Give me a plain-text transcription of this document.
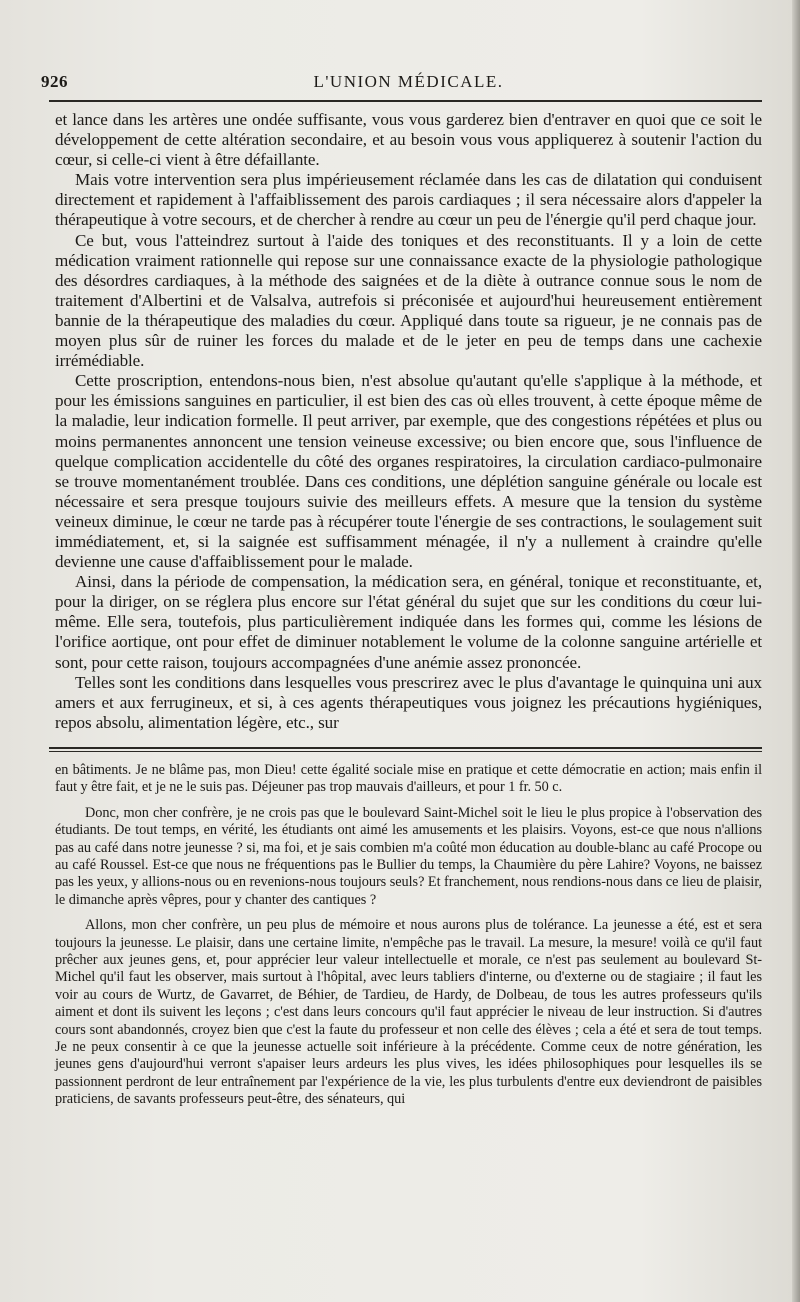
926	L'UNION MÉDICALE.

et lance dans les artères une ondée suffisante, vous vous garderez bien d'entraver en quoi que ce soit le développement de cette altération secondaire, et au besoin vous vous appliquerez à soutenir l'action du cœur, si celle-ci vient à être défaillante.

Mais votre intervention sera plus impérieusement réclamée dans les cas de dilatation qui conduisent directement et rapidement à l'affaiblissement des parois cardiaques ; il sera nécessaire alors d'appeler la thérapeutique à votre secours, et de chercher à rendre au cœur un peu de l'énergie qu'il perd chaque jour.

Ce but, vous l'atteindrez surtout à l'aide des toniques et des reconstituants. Il y a loin de cette médication vraiment rationnelle qui repose sur une connaissance exacte de la physiologie pathologique des désordres cardiaques, à la méthode des saignées et de la diète à outrance connue sous le nom de traitement d'Albertini et de Valsalva, autrefois si préconisée et aujourd'hui heureusement entièrement bannie de la thérapeutique des maladies du cœur. Appliqué dans toute sa rigueur, je ne connais pas de moyen plus sûr de ruiner les forces du malade et de le jeter en peu de temps dans une cachexie irrémédiable.

Cette proscription, entendons-nous bien, n'est absolue qu'autant qu'elle s'applique à la méthode, et pour les émissions sanguines en particulier, il est bien des cas où elles trouvent, à cette époque même de la maladie, leur indication formelle. Il peut arriver, par exemple, que des congestions répétées et plus ou moins permanentes annoncent une tension veineuse excessive; ou bien encore que, sous l'influence de quelque complication accidentelle du côté des organes respiratoires, la circulation cardiaco-pulmonaire se trouve momentanément troublée. Dans ces conditions, une déplétion sanguine générale ou locale est nécessaire et sera presque toujours suivie des meilleurs effets. A mesure que la tension du système veineux diminue, le cœur ne tarde pas à récupérer toute l'énergie de ses contractions, le soulagement suit immédiatement, et, si la saignée est suffisamment ménagée, il n'y a nullement à craindre qu'elle devienne une cause d'affaiblissement pour le malade.

Ainsi, dans la période de compensation, la médication sera, en général, tonique et reconstituante, et, pour la diriger, on se réglera plus encore sur l'état général du sujet que sur les conditions du cœur lui-même. Elle sera, toutefois, plus particulièrement indiquée dans les formes qui, comme les lésions de l'orifice aortique, ont pour effet de diminuer notablement le volume de la colonne sanguine artérielle et sont, pour cette raison, toujours accompagnées d'une anémie assez prononcée.

Telles sont les conditions dans lesquelles vous prescrirez avec le plus d'avantage le quinquina uni aux amers et aux ferrugineux, et si, à ces agents thérapeutiques vous joignez les précautions hygiéniques, repos absolu, alimentation légère, etc., sur

en bâtiments. Je ne blâme pas, mon Dieu! cette égalité sociale mise en pratique et cette démocratie en action; mais enfin il faut y être fait, et je ne le suis pas. Déjeuner pas trop mauvais d'ailleurs, et pour 1 fr. 50 c.

Donc, mon cher confrère, je ne crois pas que le boulevard Saint-Michel soit le lieu le plus propice à l'observation des étudiants. De tout temps, en vérité, les étudiants ont aimé les amusements et les plaisirs. Voyons, est-ce que nous n'allions pas au café dans notre jeunesse ? si, ma foi, et je sais combien m'a coûté mon éducation au double-blanc au café Procope ou au café Roussel. Est-ce que nous ne fréquentions pas le Bullier du temps, la Chaumière du père Lahire? Voyons, ne baissez pas les yeux, y allions-nous ou en revenions-nous toujours seuls? Et franchement, nous rendions-nous dans ce lieu de plaisir, le dimanche après vêpres, pour y chanter des cantiques ?

Allons, mon cher confrère, un peu plus de mémoire et nous aurons plus de tolérance. La jeunesse a été, est et sera toujours la jeunesse. Le plaisir, dans une certaine limite, n'empêche pas le travail. La mesure, la mesure! voilà ce qu'il faut prêcher aux jeunes gens, et, pour apprécier leur valeur intellectuelle et morale, ce n'est pas seulement au boulevard St-Michel qu'il faut les observer, mais surtout à l'hôpital, avec leurs tabliers d'interne, ou d'externe ou de stagiaire ; il faut les voir au cours de Wurtz, de Gavarret, de Béhier, de Tardieu, de Hardy, de Dolbeau, de tous les autres professeurs qu'ils aiment et dont ils suivent les leçons ; c'est dans leurs concours qu'il faut apprécier le niveau de leur instruction. Si d'autres cours sont abandonnés, croyez bien que c'est la faute du professeur et non celle des élèves ; cela a été et sera de tout temps. Je ne peux consentir à ce que la jeunesse actuelle soit inférieure à la précédente. Comme ceux de notre génération, les jeunes gens d'aujourd'hui verront s'apaiser leurs ardeurs les plus vives, les idées philosophiques pour lesquelles ils se passionnent perdront de leur entraînement par l'expérience de la vie, les plus turbulents d'entre eux deviendront de paisibles praticiens, de savants professeurs peut-être, des sénateurs, qui
